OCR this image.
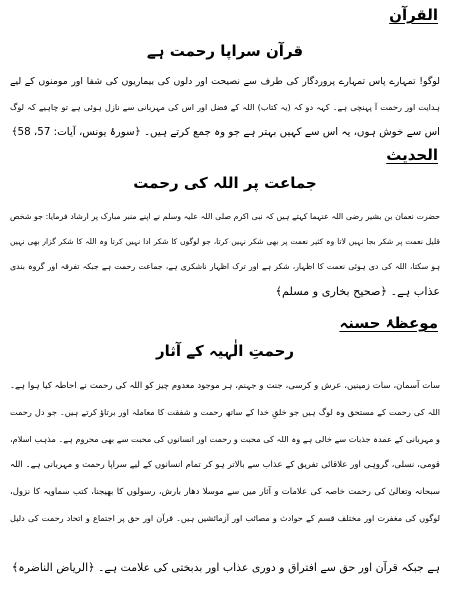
القرآن
قرآن سراپا رحمت ہے
لوگو! تمہارے پاس تمہارے پروردگار کی طرف سے نصیحت اور دلوں کی بیماریوں کی شفا اور مومنوں کے لیے
ہدایت اور رحمت آ پہنچی ہے۔ کہہ دو کہ (یہ کتاب) اللہ کے فضل اور اس کی مہربانی سے نازل ہوئی ہے تو چاہیے کہ لوگ
اس سے خوش ہوں، یہ اس سے کہیں بہتر ہے جو وہ جمع کرتے ہیں۔ ﴿سورۂ یونس، آیات: 57، 58﴾
الحدیث
جماعت پر اللہ کی رحمت
حضرت نعمان بن بشیر رضی اللہ عنہما کہتے ہیں کہ نبی اکرم صلی اللہ علیہ وسلم نے اپنے منبر مبارک پر ارشاد فرمایا: جو شخص
قلیل نعمت پر شکر بجا نہیں لاتا وہ کثیر نعمت پر بھی شکر نہیں کرتا، جو لوگوں کا شکر ادا نہیں کرتا وہ اللہ کا شکر گزار بھی نہیں
ہو سکتا، اللہ کی دی ہوئی نعمت کا اظہار، شکر ہے اور ترک اظہار ناشکری ہے، جماعت رحمت ہے جبکہ تفرقہ اور گروہ بندی
عذاب ہے۔ ﴿صحیح بخاری و مسلم﴾
موعظۂ حسنہ
رحمتِ الٰہیہ کے آثار
سات آسمان، سات زمینیں، عرش و کرسی، جنت و جہنم، ہر موجود معدوم چیز کو اللہ کی رحمت نے احاطہ کیا ہوا ہے۔
اللہ کی رحمت کے مستحق وہ لوگ ہیں جو خلقِ خدا کے ساتھ رحمت و شفقت کا معاملہ اور برتاؤ کرتے ہیں۔ جو دل رحمت
و مہربانی کے عمدہ جذبات سے خالی ہے وہ اللہ کی محبت و رحمت اور انسانوں کی محبت سے بھی محروم ہے۔ مذہب اسلام،
قومی، نسلی، گروہی اور علاقائی تفریق کے عذاب سے بالاتر ہو کر تمام انسانوں کے لیے سراپا رحمت و مہربانی ہے۔ اللہ
سبحانہ وتعالیٰ کی رحمت خاصہ کی علامات و آثار میں سے موسلا دھار بارش، رسولوں کا بھیجنا، کتب سماویہ کا نزول،
لوگوں کی مغفرت اور مختلف قسم کے حوادث و مصائب اور آزمائشیں ہیں۔ قرآن اور حق پر اجتماع و اتحاد رحمت کی دلیل
ہے جبکہ قرآن اور حق سے افتراق و دوری عذاب اور بدبختی کی علامت ہے۔ ﴿الریاض الناضرہ﴾
